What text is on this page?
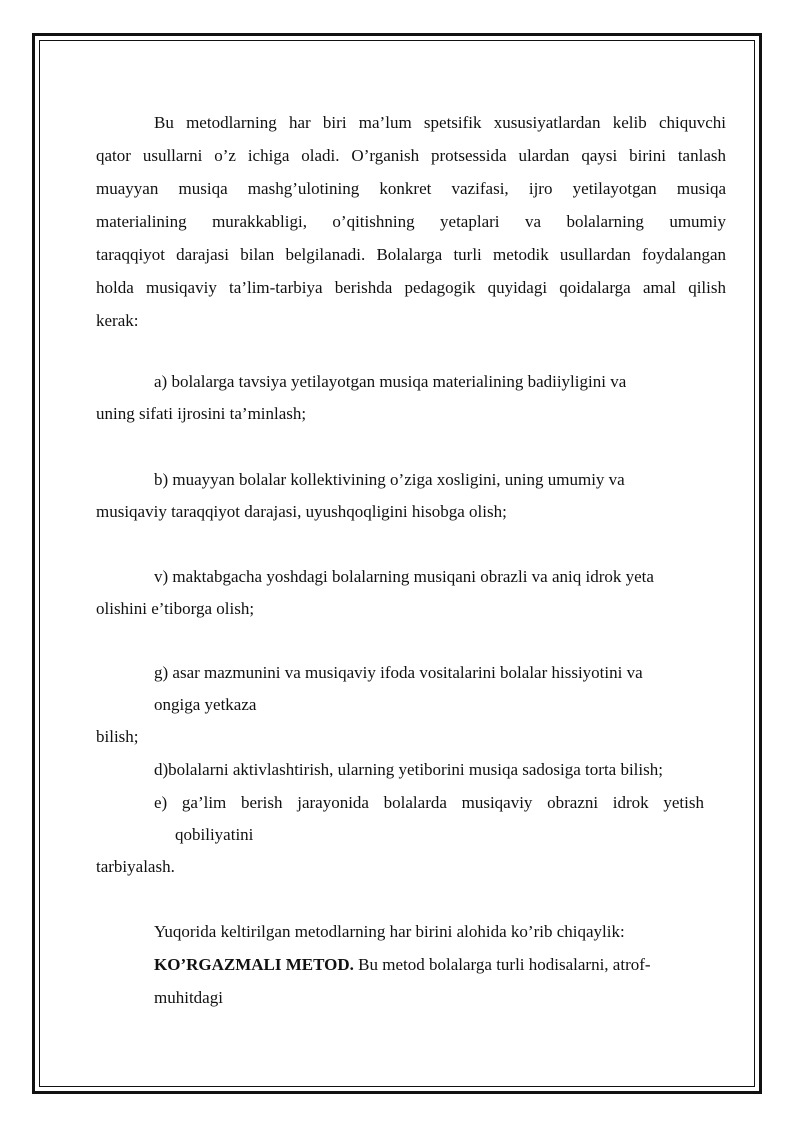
Bu metodlarning har biri ma’lum spetsifik xususiyatlardan kelib chiquvchi
qator usullarni o’z ichiga oladi. O’rganish protsessida ulardan qaysi birini tanlash
muayyan musiqa mashg’ulotining konkret vazifasi, ijro yetilayotgan musiqa
materialining murakkabligi, o’qitishning yetaplari va bolalarning umumiy
taraqqiyot darajasi bilan belgilanadi. Bolalarga turli metodik usullardan foydalangan
holda musiqaviy ta’lim-tarbiya berishda pedagogik quyidagi qoidalarga amal qilish
kerak:
a) bolalarga tavsiya yetilayotgan musiqa materialining badiiyligini va
uning sifati ijrosini ta’minlash;
b) muayyan bolalar kollektivining o’ziga xosligini, uning umumiy va
musiqaviy taraqqiyot darajasi, uyushqoqligini hisobga olish;
v) maktabgacha yoshdagi bolalarning musiqani obrazli va aniq idrok yeta
olishini e’tiborga olish;
g) asar mazmunini va musiqaviy ifoda vositalarini bolalar hissiyotini va
ongiga yetkaza
bilish;
d)bolalarni aktivlashtirish, ularning yetiborini musiqa sadosiga torta bilish;
e) ga’lim berish jarayonida bolalarda musiqaviy obrazni idrok yetish
qobiliyatini
tarbiyalash.
Yuqorida keltirilgan metodlarning har birini alohida ko’rib chiqaylik:
KO’RGAZMALI METOD. Bu metod bolalarga turli hodisalarni, atrof-
muhitdagi
